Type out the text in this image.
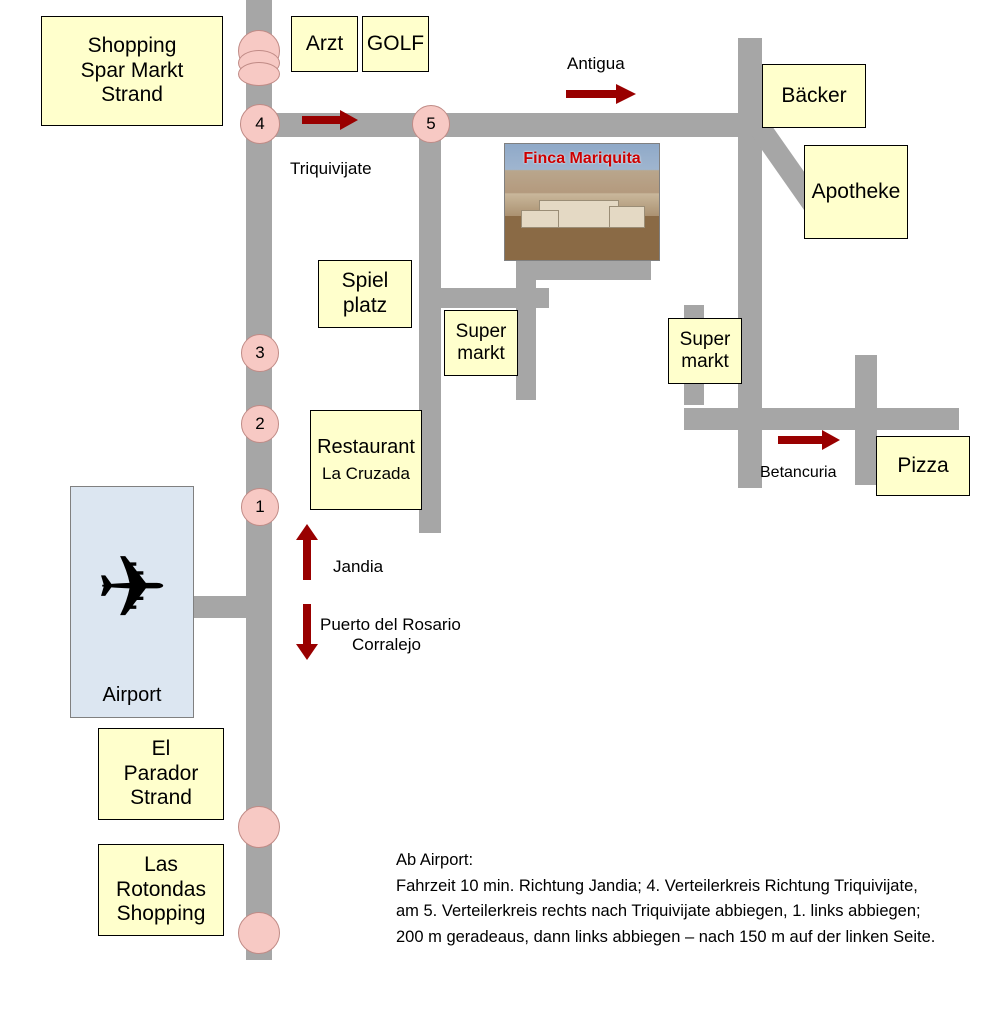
Shopping
Spar Markt
Strand
Arzt GOLF
Bäcker
Apotheke
Spiel
platz
Super
markt
Super
markt
Restaurant
La Cruzada	Pizza
El
Parador
Strand
Las
Rotondas
Shopping
✈
Airport
Finca Mariquita
4	5
3
2
1
Antigua
Triquivijate
Jandia
Puerto del Rosario
Corralejo
Betancuria
Ab Airport:
Fahrzeit 10 min. Richtung Jandia; 4. Verteilerkreis Richtung Triquivijate,
am 5. Verteilerkreis rechts nach Triquivijate abbiegen, 1. links abbiegen;
200 m geradeaus, dann links abbiegen – nach 150 m auf der linken Seite.
